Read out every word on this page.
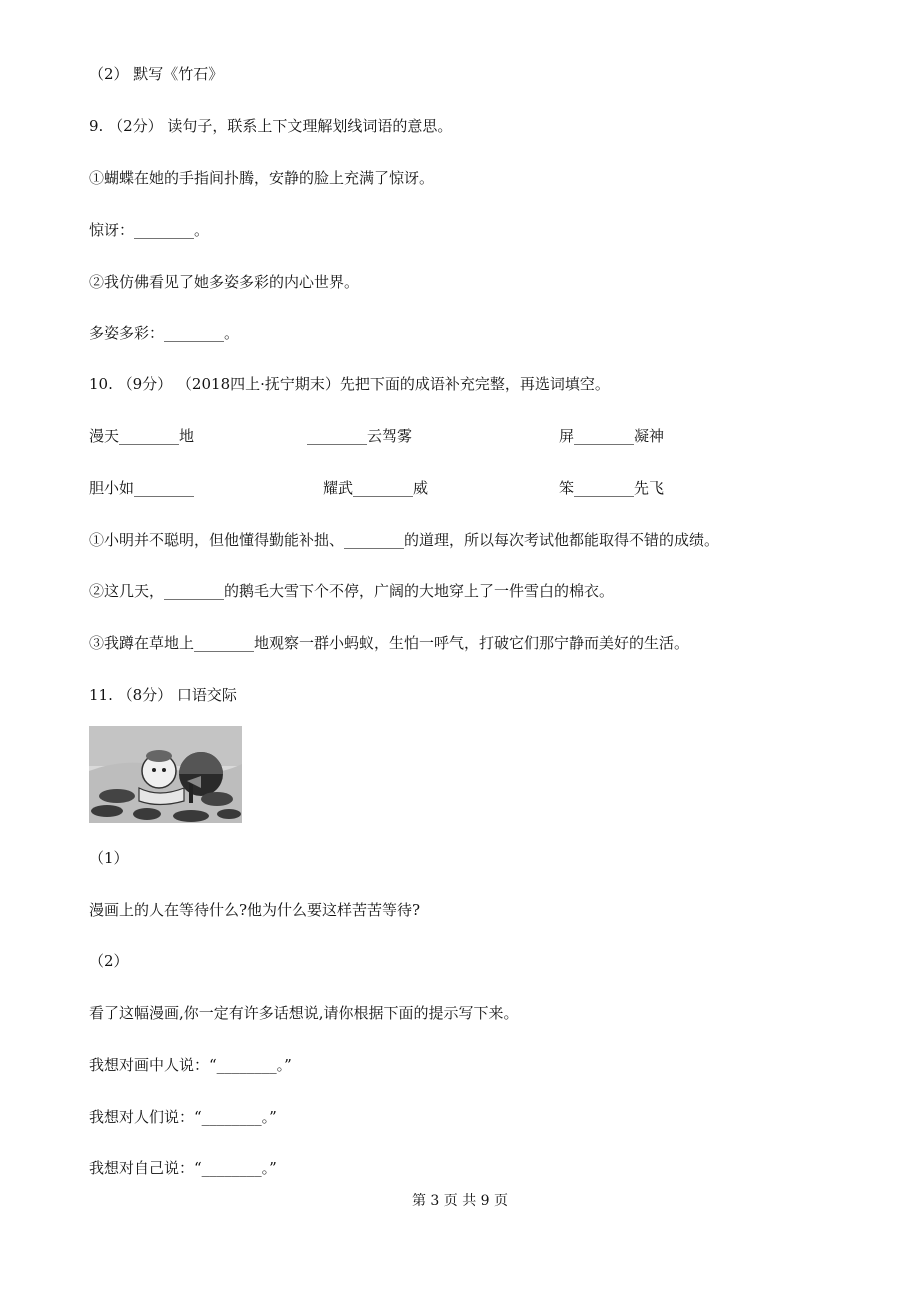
（2） 默写《竹石》
9. （2分） 读句子，联系上下文理解划线词语的意思。
①蝴蝶在她的手指间扑腾，安静的脸上充满了惊讶。
惊讶：________。
②我仿佛看见了她多姿多彩的内心世界。
多姿多彩：________。
10. （9分） （2018四上·抚宁期末）先把下面的成语补充完整，再选词填空。
漫天________地	________云驾雾	屏________凝神
胆小如________	耀武________威	笨________先飞
①小明并不聪明，但他懂得勤能补拙、________的道理，所以每次考试他都能取得不错的成绩。
②这几天，________的鹅毛大雪下个不停，广阔的大地穿上了一件雪白的棉衣。
③我蹲在草地上________地观察一群小蚂蚁，生怕一呼气，打破它们那宁静而美好的生活。
11. （8分） 口语交际
（1）
漫画上的人在等待什么?他为什么要这样苦苦等待?
（2）
看了这幅漫画,你一定有许多话想说,请你根据下面的提示写下来。
我想对画中人说：“________。”
我想对人们说：“________。”
我想对自己说：“________。”
第 3 页 共 9 页
